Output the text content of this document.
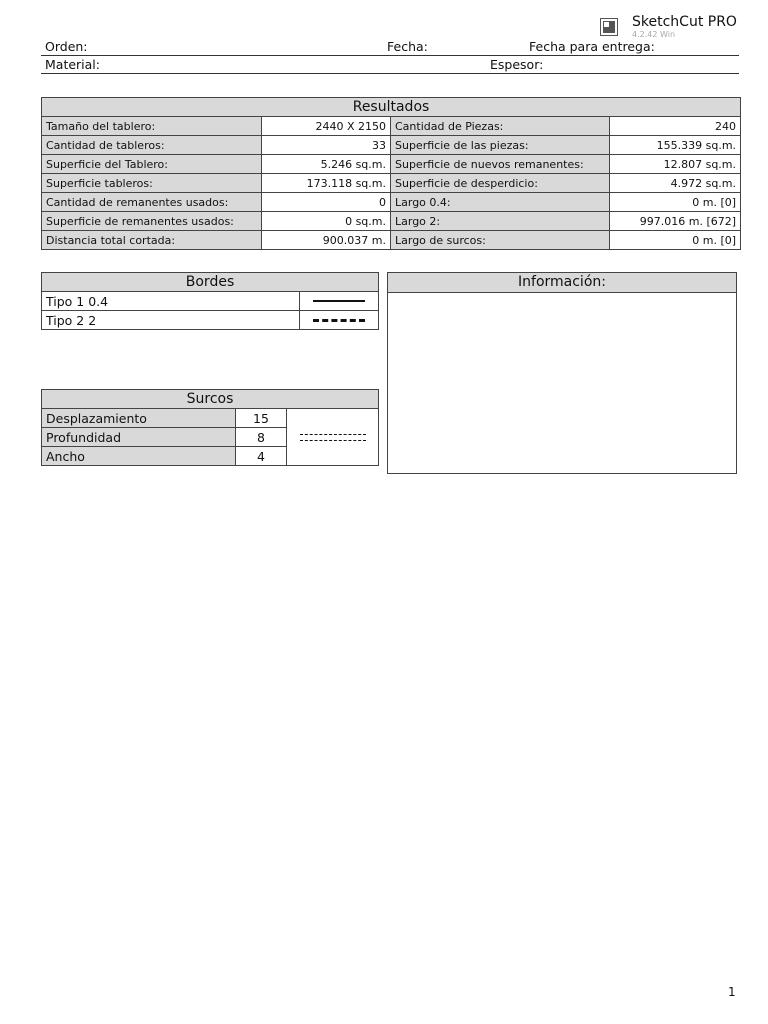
SketchCut PRO
4.2.42 Win
Orden:	Fecha:	Fecha para entrega:
Material:	Espesor:
Resultados			
Tamaño del tablero:	2440 X 2150	Cantidad de Piezas:	240
Cantidad de tableros:	33	Superficie de las piezas:	155.339 sq.m.
Superficie del Tablero:	5.246 sq.m.	Superficie de nuevos remanentes:	12.807 sq.m.
Superficie tableros:	173.118 sq.m.	Superficie de desperdicio:	4.972 sq.m.
Cantidad de remanentes usados:	0	Largo 0.4:	0 m. [0]
Superficie de remanentes usados:	0 sq.m.	Largo 2:	997.016 m. [672]
Distancia total cortada:	900.037 m.	Largo de surcos:	0 m. [0]
Bordes	
Tipo 1 0.4	

Tipo 2 2	
Surcos		
Desplazamiento	15	

Profundidad	8	
Ancho	4	
Información:
1
